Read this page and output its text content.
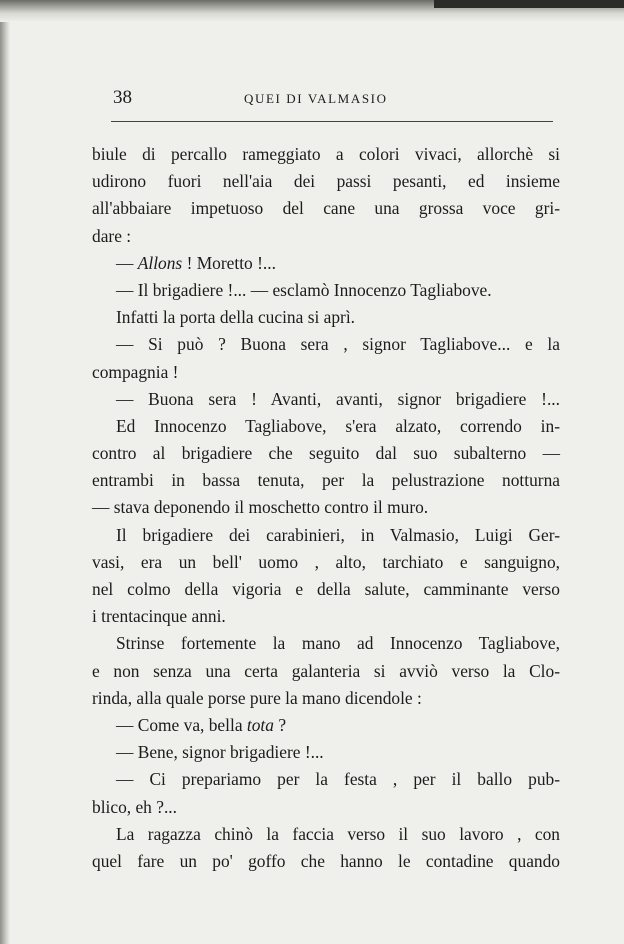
38	QUEI DI VALMASIO
biule di percallo rameggiato a colori vivaci, allorchè si
udirono fuori nell'aia dei passi pesanti, ed insieme
all'abbaiare impetuoso del cane una grossa voce gri-
dare :
— Allons ! Moretto !...
— Il brigadiere !... — esclamò Innocenzo Tagliabove.
Infatti la porta della cucina si aprì.
— Si può ? Buona sera , signor Tagliabove... e la
compagnia !
— Buona sera ! Avanti, avanti, signor brigadiere !...
Ed Innocenzo Tagliabove, s'era alzato, correndo in-
contro al brigadiere che seguito dal suo subalterno —
entrambi in bassa tenuta, per la pelustrazione notturna
— stava deponendo il moschetto contro il muro.
Il brigadiere dei carabinieri, in Valmasio, Luigi Ger-
vasi, era un bell' uomo , alto, tarchiato e sanguigno,
nel colmo della vigoria e della salute, camminante verso
i trentacinque anni.
Strinse fortemente la mano ad Innocenzo Tagliabove,
e non senza una certa galanteria si avviò verso la Clo-
rinda, alla quale porse pure la mano dicendole :
— Come va, bella tota ?
— Bene, signor brigadiere !...
— Ci prepariamo per la festa , per il ballo pub-
blico, eh ?...
La ragazza chinò la faccia verso il suo lavoro , con
quel fare un po' goffo che hanno le contadine quando
